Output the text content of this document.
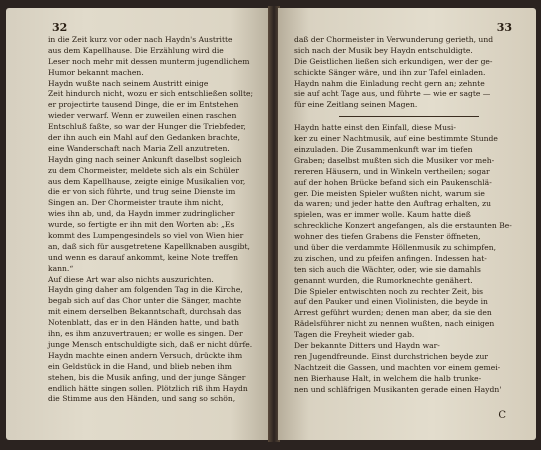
32
in die Zeit kurz vor oder nach Haydn's Austrittе
aus dem Kapellhause. Die Erzählung wird die
Leser noch mehr mit dessen munterm jugendlichem
Humor bekannt machen.
Haydn wußte nach seinem Austritt einige
Zeit hindurch nicht, wozu er sich entschließen sollte;
er projectirte tausend Dinge, die er im Entstehen
wieder verwarf. Wenn er zuweilen einen raschen
Entschluß faßte, so war der Hunger die Triebfeder,
der ihn auch ein Mahl auf den Gedanken brachte,
eine Wanderschaft nach Maria Zell anzutreten.
Haydn ging nach seiner Ankunft daselbst sogleich
zu dem Chormeister, meldete sich als ein Schüler
aus dem Kapellhause, zeigte einige Musikalien vor,
die er von sich führte, und trug seine Dienste im
Singen an. Der Chormeister traute ihm nicht,
wies ihn ab, und, da Haydn immer zudringlicher
wurde, so fertigte er ihn mit den Worten ab: „Es
kommt des Lumpengesindels so viel von Wien hier
an, daß sich für ausgetretene Kapellknaben ausgibt,
und wenn es darauf ankommt, keine Note treffen
kann.“
Auf diese Art war also nichts auszurichten.
Haydn ging daher am folgenden Tag in die Kirche,
begab sich auf das Chor unter die Sänger, machte
mit einem derselben Bekanntschaft, durchsah das
Notenblatt, das er in den Händen hatte, und bath
ihn, es ihm anzuvertrauen; er wolle es singen. Der
junge Mensch entschuldigte sich, daß er nicht dürfe.
Haydn machte einen andern Versuch, drückte ihm
ein Geldstück in die Hand, und blieb neben ihm
stehen, bis die Musik anfing, und der junge Sänger
endlich hätte singen sollen. Plötzlich riß ihm Haydn
die Stimme aus den Händen, und sang so schön,
33
daß der Chormeister in Verwunderung gerieth, und
sich nach der Musik bey Haydn entschuldigte.
Die Geistlichen ließen sich erkundigen, wer der ge-
schickte Sänger wäre, und ihn zur Tafel einladen.
Haydn nahm die Einladung recht gern an; zehnte
sie auf acht Tage aus, und führte — wie er sagte —
für eine Zeitlang seinen Magen.
Haydn hatte einst den Einfall, diese Musi-
ker zu einer Nachtmusik, auf eine bestimmte Stunde
einzuladen. Die Zusammenkunft war im tiefen
Graben; daselbst mußten sich die Musiker vor meh-
rereren Häusern, und in Winkeln vertheilen; sogar
auf der hohen Brücke befand sich ein Paukenschlä-
ger. Die meisten Spieler wußten nicht, warum sie
da waren; und jeder hatte den Auftrag erhalten, zu
spielen, was er immer wolle. Kaum hatte dieß
schreckliche Konzert angefangen, als die erstaunten Be-
wohner des tiefen Grabens die Fenster öffneten,
und über die verdammte Höllenmusik zu schimpfen,
zu zischen, und zu pfeifen anfingen. Indessen hat-
ten sich auch die Wächter, oder, wie sie damahls
genannt wurden, die Rumorknechte genähert.
Die Spieler entwischten noch zu rechter Zeit, bis
auf den Pauker und einen Violinisten, die beyde in
Arrest geführt wurden; denen man aber, da sie den
Rädelsführer nicht zu nennen wußten, nach einigen
Tagen die Freyheit wieder gab.
Der bekannte Ditters und Haydn war-
ren Jugendfreunde. Einst durchstrichen beyde zur
Nachtzeit die Gassen, und machten vor einem gemei-
nen Bierhause Halt, in welchem die halb trunke-
nen und schläfrigen Musikanten gerade einen Haydn'
C
